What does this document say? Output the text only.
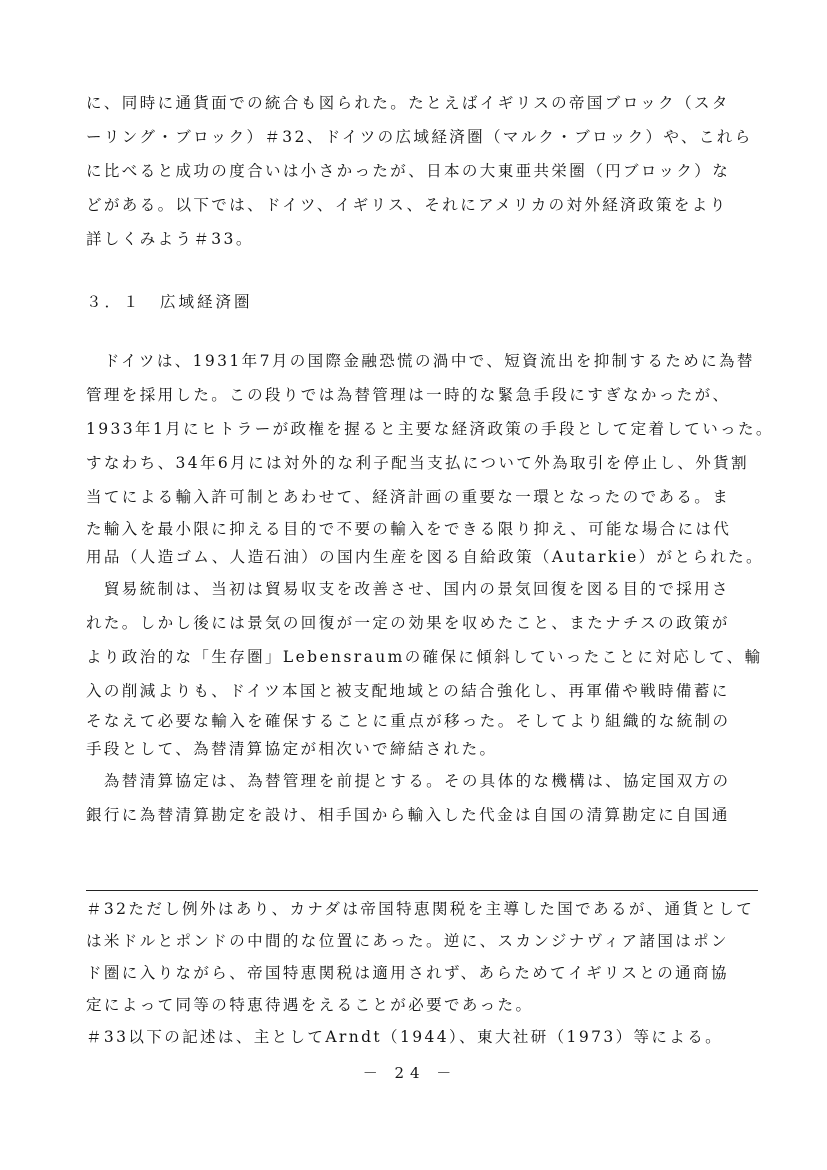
に、同時に通貨面での統合も図られた。たとえばイギリスの帝国ブロック（スタ
ーリング・ブロック）＃32、ドイツの広域経済圏（マルク・ブロック）や、これら
に比べると成功の度合いは小さかったが、日本の大東亜共栄圏（円ブロック）な
どがある。以下では、ドイツ、イギリス、それにアメリカの対外経済政策をより
詳しくみよう＃33。
３．１　広域経済圏
　ドイツは、1931年7月の国際金融恐慌の渦中で、短資流出を抑制するために為替
管理を採用した。この段りでは為替管理は一時的な緊急手段にすぎなかったが、
1933年1月にヒトラーが政権を握ると主要な経済政策の手段として定着していった。
すなわち、34年6月には対外的な利子配当支払について外為取引を停止し、外貨割
当てによる輸入許可制とあわせて、経済計画の重要な一環となったのである。ま
た輸入を最小限に抑える目的で不要の輸入をできる限り抑え、可能な場合には代
用品（人造ゴム、人造石油）の国内生産を図る自給政策（Autarkie）がとられた。
　貿易統制は、当初は貿易収支を改善させ、国内の景気回復を図る目的で採用さ
れた。しかし後には景気の回復が一定の効果を収めたこと、またナチスの政策が
より政治的な「生存圏」Lebensraumの確保に傾斜していったことに対応して、輸
入の削減よりも、ドイツ本国と被支配地域との結合強化し、再軍備や戦時備蓄に
そなえて必要な輸入を確保することに重点が移った。そしてより組織的な統制の
手段として、為替清算協定が相次いで締結された。
　為替清算協定は、為替管理を前提とする。その具体的な機構は、協定国双方の
銀行に為替清算勘定を設け、相手国から輸入した代金は自国の清算勘定に自国通
＃32ただし例外はあり、カナダは帝国特恵関税を主導した国であるが、通貨として
は米ドルとポンドの中間的な位置にあった。逆に、スカンジナヴィア諸国はポン
ド圏に入りながら、帝国特恵関税は適用されず、あらためてイギリスとの通商協
定によって同等の特恵待遇をえることが必要であった。
＃33以下の記述は、主としてArndt（1944）、東大社研（1973）等による。
－ 24 －
